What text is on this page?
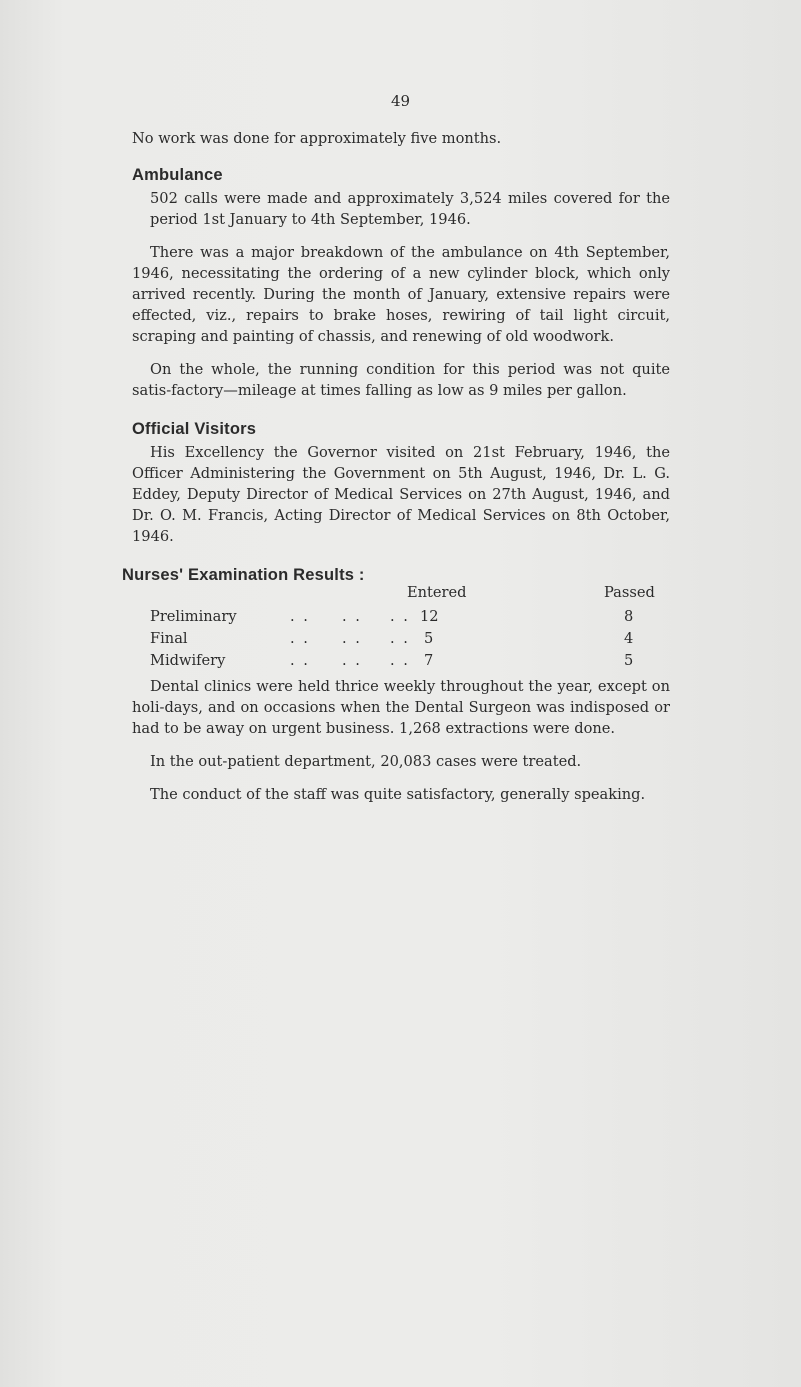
49

No work was done for approximately five months.

Ambulance

502 calls were made and approximately 3,524 miles covered for the period 1st January to 4th September, 1946.

There was a major breakdown of the ambulance on 4th September, 1946, necessitating the ordering of a new cylinder block, which only arrived recently. During the month of January, extensive repairs were effected, viz., repairs to brake hoses, rewiring of tail light circuit, scraping and painting of chassis, and renewing of old woodwork.

On the whole, the running condition for this period was not quite satis-factory—mileage at times falling as low as 9 miles per gallon.

Official Visitors

His Excellency the Governor visited on 21st February, 1946, the Officer Administering the Government on 5th August, 1946, Dr. L. G. Eddey, Deputy Director of Medical Services on 27th August, 1946, and Dr. O. M. Francis, Acting Director of Medical Services on 8th October, 1946.

Nurses' Examination Results :
Entered	Passed
Preliminary	. . . . . . 12	8
Final	. . . . . . 5	4
Midwifery	. . . . . . 7	5

Dental clinics were held thrice weekly throughout the year, except on holi-days, and on occasions when the Dental Surgeon was indisposed or had to be away on urgent business. 1,268 extractions were done.

In the out-patient department, 20,083 cases were treated.

The conduct of the staff was quite satisfactory, generally speaking.
